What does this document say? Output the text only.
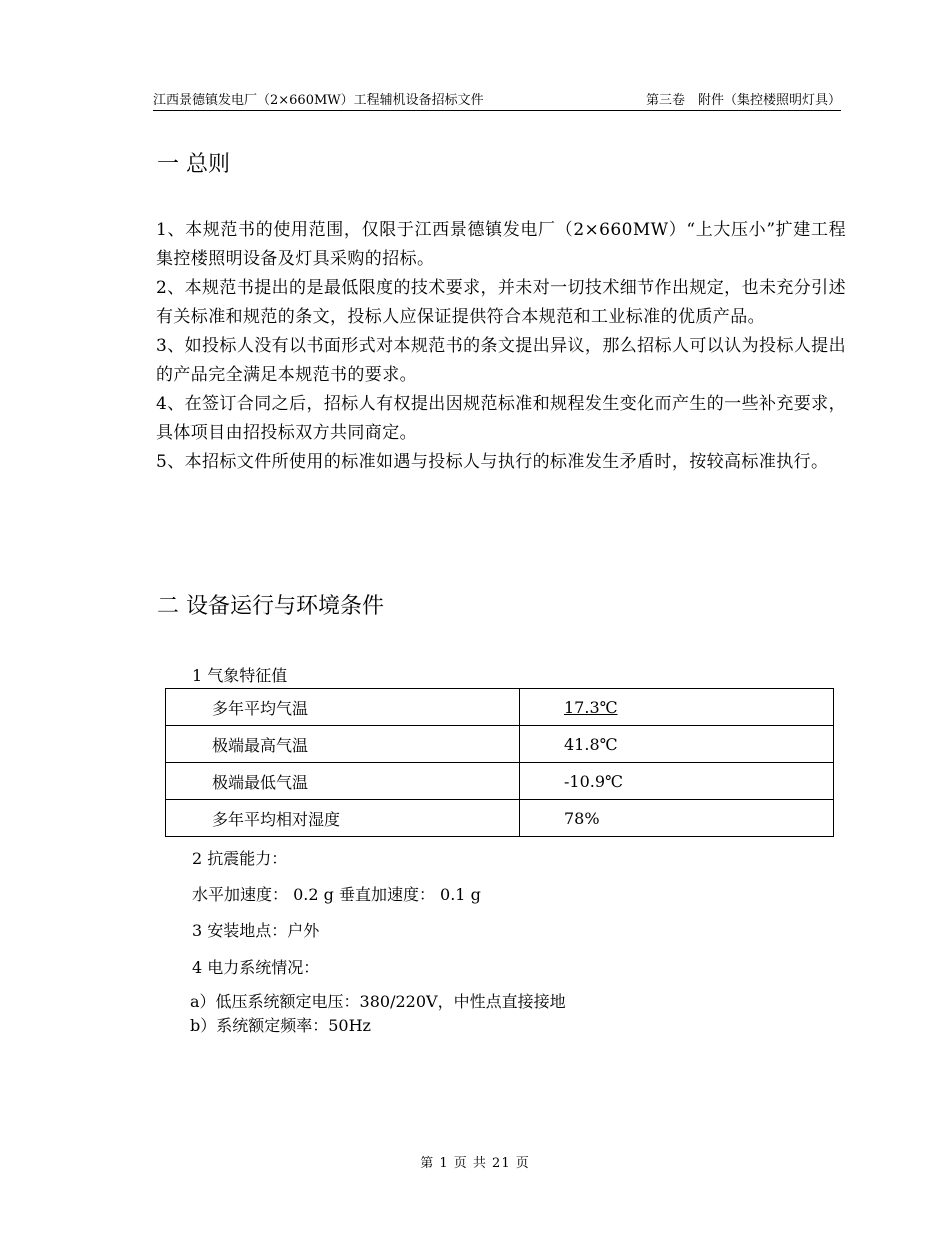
江西景德镇发电厂（2×660MW）工程辅机设备招标文件	第三卷　附件（集控楼照明灯具）
一 总则

1、本规范书的使用范围，仅限于江西景德镇发电厂（2×660MW）“上大压小”扩建工程集控楼照明设备及灯具采购的招标。

2、本规范书提出的是最低限度的技术要求，并未对一切技术细节作出规定，也未充分引述有关标准和规范的条文，投标人应保证提供符合本规范和工业标准的优质产品。

3、如投标人没有以书面形式对本规范书的条文提出异议，那么招标人可以认为投标人提出的产品完全满足本规范书的要求。

4、在签订合同之后，招标人有权提出因规范标准和规程发生变化而产生的一些补充要求，具体项目由招投标双方共同商定。

5、本招标文件所使用的标准如遇与投标人与执行的标准发生矛盾时，按较高标准执行。

二 设备运行与环境条件
1 气象特征值
多年平均气温	17.3℃
极端最高气温	41.8℃
极端最低气温	-10.9℃
多年平均相对湿度	78%
2 抗震能力：
水平加速度： 0.2 g 垂直加速度： 0.1 g
3 安装地点：户外
4 电力系统情况：
a）低压系统额定电压：380/220V，中性点直接接地
b）系统额定频率：50Hz
第 1 页 共 21 页
